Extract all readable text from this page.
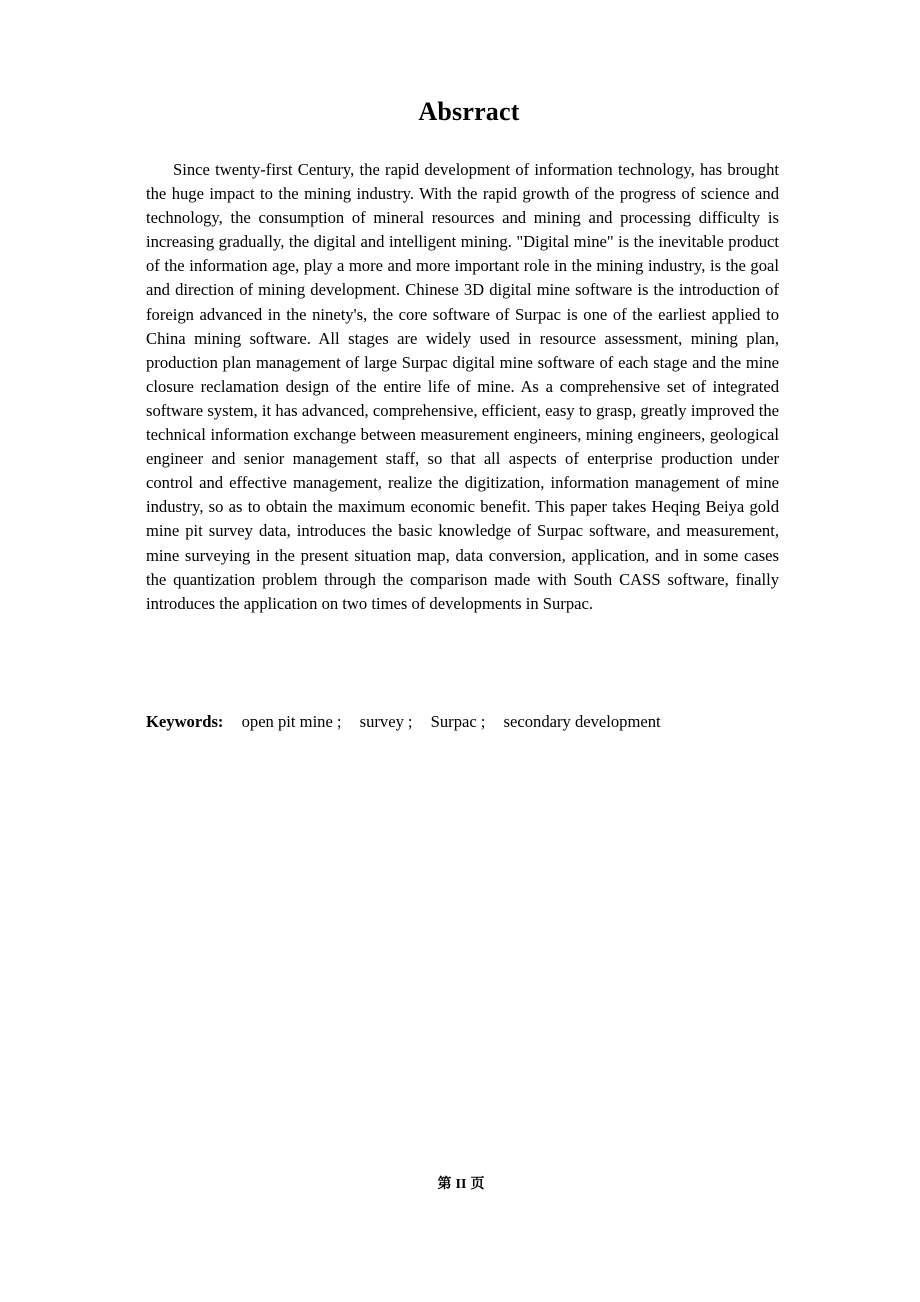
Absrract

Since twenty-first Century, the rapid development of information technology, has brought the huge impact to the mining industry. With the rapid growth of the progress of science and technology, the consumption of mineral resources and mining and processing difficulty is increasing gradually, the digital and intelligent mining. "Digital mine" is the inevitable product of the information age, play a more and more important role in the mining industry, is the goal and direction of mining development. Chinese 3D digital mine software is the introduction of foreign advanced in the ninety's, the core software of Surpac is one of the earliest applied to China mining software. All stages are widely used in resource assessment, mining plan, production plan management of large Surpac digital mine software of each stage and the mine closure reclamation design of the entire life of mine. As a comprehensive set of integrated software system, it has advanced, comprehensive, efficient, easy to grasp, greatly improved the technical information exchange between measurement engineers, mining engineers, geological engineer and senior management staff, so that all aspects of enterprise production under control and effective management, realize the digitization, information management of mine industry, so as to obtain the maximum economic benefit. This paper takes Heqing Beiya gold mine pit survey data, introduces the basic knowledge of Surpac software, and measurement, mine surveying in the present situation map, data conversion, application, and in some cases the quantization problem through the comparison made with South CASS software, finally introduces the application on two times of developments in Surpac.

Keywords: open pit mine ; survey ; Surpac ; secondary development
第 II 页
